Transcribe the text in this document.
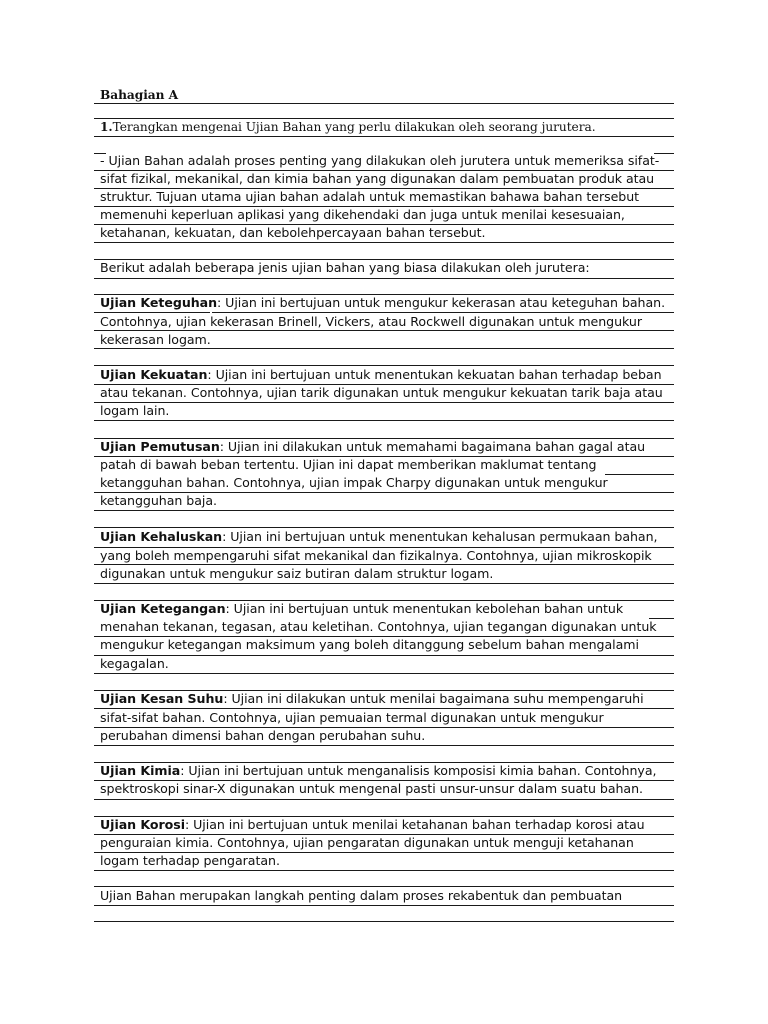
Bahagian A
1.Terangkan mengenai Ujian Bahan yang perlu dilakukan oleh seorang jurutera.
- Ujian Bahan adalah proses penting yang dilakukan oleh jurutera untuk memeriksa sifat-
sifat fizikal, mekanikal, dan kimia bahan yang digunakan dalam pembuatan produk atau
struktur. Tujuan utama ujian bahan adalah untuk memastikan bahawa bahan tersebut
memenuhi keperluan aplikasi yang dikehendaki dan juga untuk menilai kesesuaian,
ketahanan, kekuatan, dan kebolehpercayaan bahan tersebut.
Berikut adalah beberapa jenis ujian bahan yang biasa dilakukan oleh jurutera:
Ujian Keteguhan: Ujian ini bertujuan untuk mengukur kekerasan atau keteguhan bahan.
Contohnya, ujian kekerasan Brinell, Vickers, atau Rockwell digunakan untuk mengukur
kekerasan logam.
Ujian Kekuatan: Ujian ini bertujuan untuk menentukan kekuatan bahan terhadap beban
atau tekanan. Contohnya, ujian tarik digunakan untuk mengukur kekuatan tarik baja atau
logam lain.
Ujian Pemutusan: Ujian ini dilakukan untuk memahami bagaimana bahan gagal atau
patah di bawah beban tertentu. Ujian ini dapat memberikan maklumat tentang
ketangguhan bahan. Contohnya, ujian impak Charpy digunakan untuk mengukur
ketangguhan baja.
Ujian Kehaluskan: Ujian ini bertujuan untuk menentukan kehalusan permukaan bahan,
yang boleh mempengaruhi sifat mekanikal dan fizikalnya. Contohnya, ujian mikroskopik
digunakan untuk mengukur saiz butiran dalam struktur logam.
Ujian Ketegangan: Ujian ini bertujuan untuk menentukan kebolehan bahan untuk
menahan tekanan, tegasan, atau keletihan. Contohnya, ujian tegangan digunakan untuk
mengukur ketegangan maksimum yang boleh ditanggung sebelum bahan mengalami
kegagalan.
Ujian Kesan Suhu: Ujian ini dilakukan untuk menilai bagaimana suhu mempengaruhi
sifat-sifat bahan. Contohnya, ujian pemuaian termal digunakan untuk mengukur
perubahan dimensi bahan dengan perubahan suhu.
Ujian Kimia: Ujian ini bertujuan untuk menganalisis komposisi kimia bahan. Contohnya,
spektroskopi sinar-X digunakan untuk mengenal pasti unsur-unsur dalam suatu bahan.
Ujian Korosi: Ujian ini bertujuan untuk menilai ketahanan bahan terhadap korosi atau
penguraian kimia. Contohnya, ujian pengaratan digunakan untuk menguji ketahanan
logam terhadap pengaratan.
Ujian Bahan merupakan langkah penting dalam proses rekabentuk dan pembuatan
